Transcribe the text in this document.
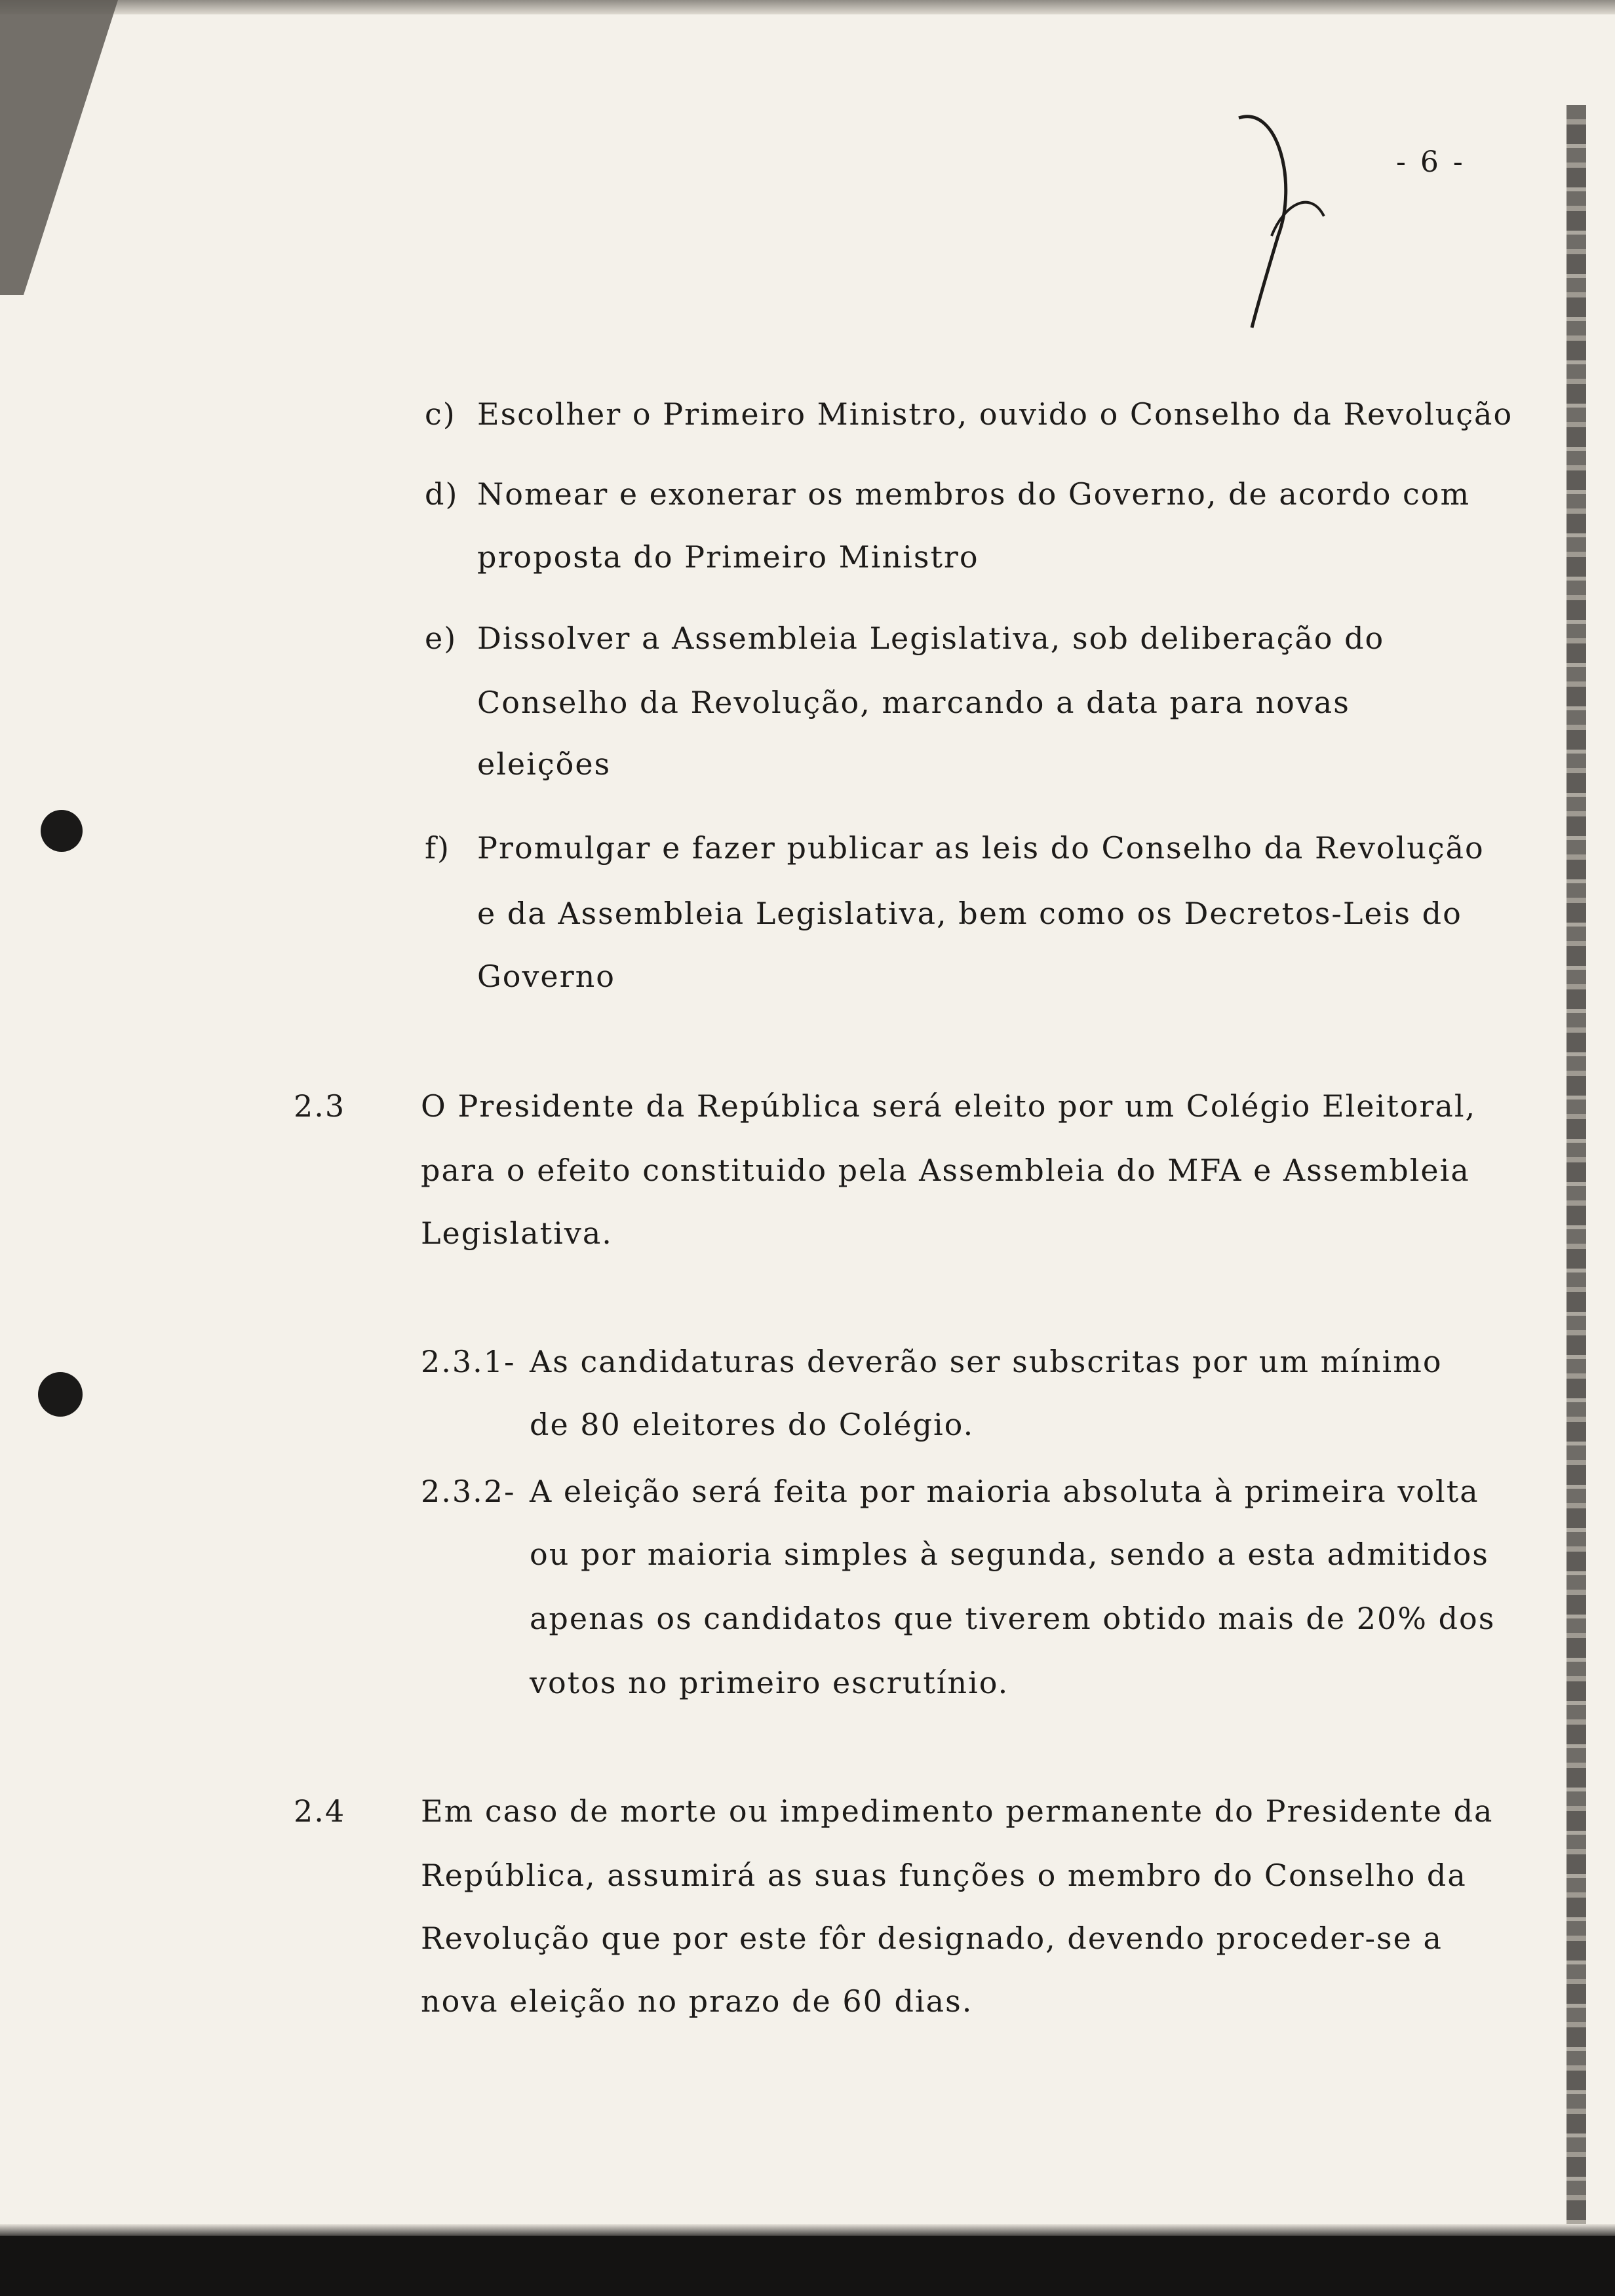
- 6 -
c) Escolher o Primeiro Ministro, ouvido o Conselho da Revolução
d) Nomear e exonerar os membros do Governo, de acordo com
proposta do Primeiro Ministro
e) Dissolver a Assembleia Legislativa, sob deliberação do
Conselho da Revolução, marcando a data para novas
eleições
f) Promulgar e fazer publicar as leis do Conselho da Revolução
e da Assembleia Legislativa, bem como os Decretos-Leis do
Governo
2.3 O Presidente da República será eleito por um Colégio Eleitoral,
para o efeito constituido pela Assembleia do MFA e Assembleia
Legislativa.
2.3.1- As candidaturas deverão ser subscritas por um mínimo
de 80 eleitores do Colégio.
2.3.2- A eleição será feita por maioria absoluta à primeira volta
ou por maioria simples à segunda, sendo a esta admitidos
apenas os candidatos que tiverem obtido mais de 20% dos
votos no primeiro escrutínio.
2.4 Em caso de morte ou impedimento permanente do Presidente da
República, assumirá as suas funções o membro do Conselho da
Revolução que por este fôr designado, devendo proceder-se a
nova eleição no prazo de 60 dias.
